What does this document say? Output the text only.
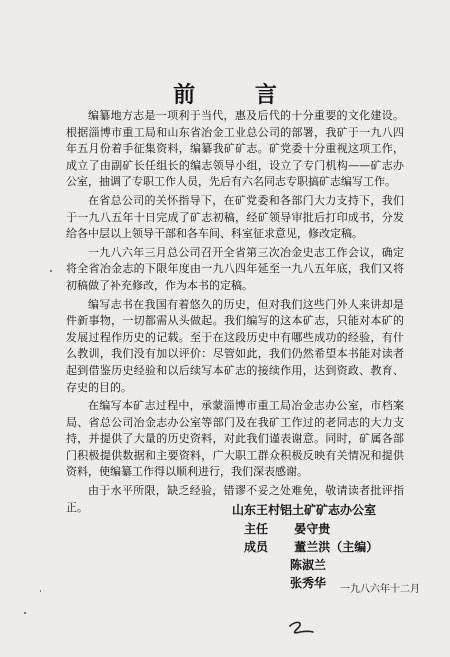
前 言

编纂地方志是一项利于当代，惠及后代的十分重要的文化建设。根据淄博市重工局和山东省冶金工业总公司的部署，我矿于一九八四年五月份着手征集资料，编纂我矿矿志。矿党委十分重视这项工作，成立了由副矿长任组长的编志领导小组，设立了专门机构——矿志办公室，抽调了专职工作人员，先后有六名同志专职搞矿志编写工作。

在省总公司的关怀指导下，在矿党委和各部门大力支持下，我们于一九八五年十日完成了矿志初稿，经矿领导审批后打印成书，分发给各中层以上领导干部和各车间、科室征求意见，修改定稿。

一九八六年三月总公司召开全省第三次冶金史志工作会议，确定将全省冶金志的下限年度由一九八四年延至一九八五年底，我们又将初稿做了补充修改，作为本书的定稿。

编写志书在我国有着悠久的历史，但对我们这些门外人来讲却是件新事物，一切都需从头做起。我们编写的这本矿志，只能对本矿的发展过程作历史的记载。至于在这段历史中有哪些成功的经验，有什么教训，我们没有加以评价：尽管如此，我们仍然希望本书能对读者起到借鉴历史经验和以后续写本矿志的接续作用，达到资政、教育、存史的目的。

在编写本矿志过程中，承蒙淄博市重工局冶金志办公室，市档案局、省总公司冶金志办公室等部门及在我矿工作过的老同志的大力支持，并提供了大量的历史资料，对此我们谨表谢意。同时，矿属各部门积极提供数据和主要资料，广大职工群众积极反映有关情况和提供资料，使编纂工作得以顺利进行，我们深表感谢。

由于水平所限，缺乏经验，错谬不妥之处难免，敬请读者批评指正。	山东王村铝土矿矿志办公室
主任 晏守贵
成员 董兰洪（主编）
陈淑兰
张秀华 一九八六年十二月
